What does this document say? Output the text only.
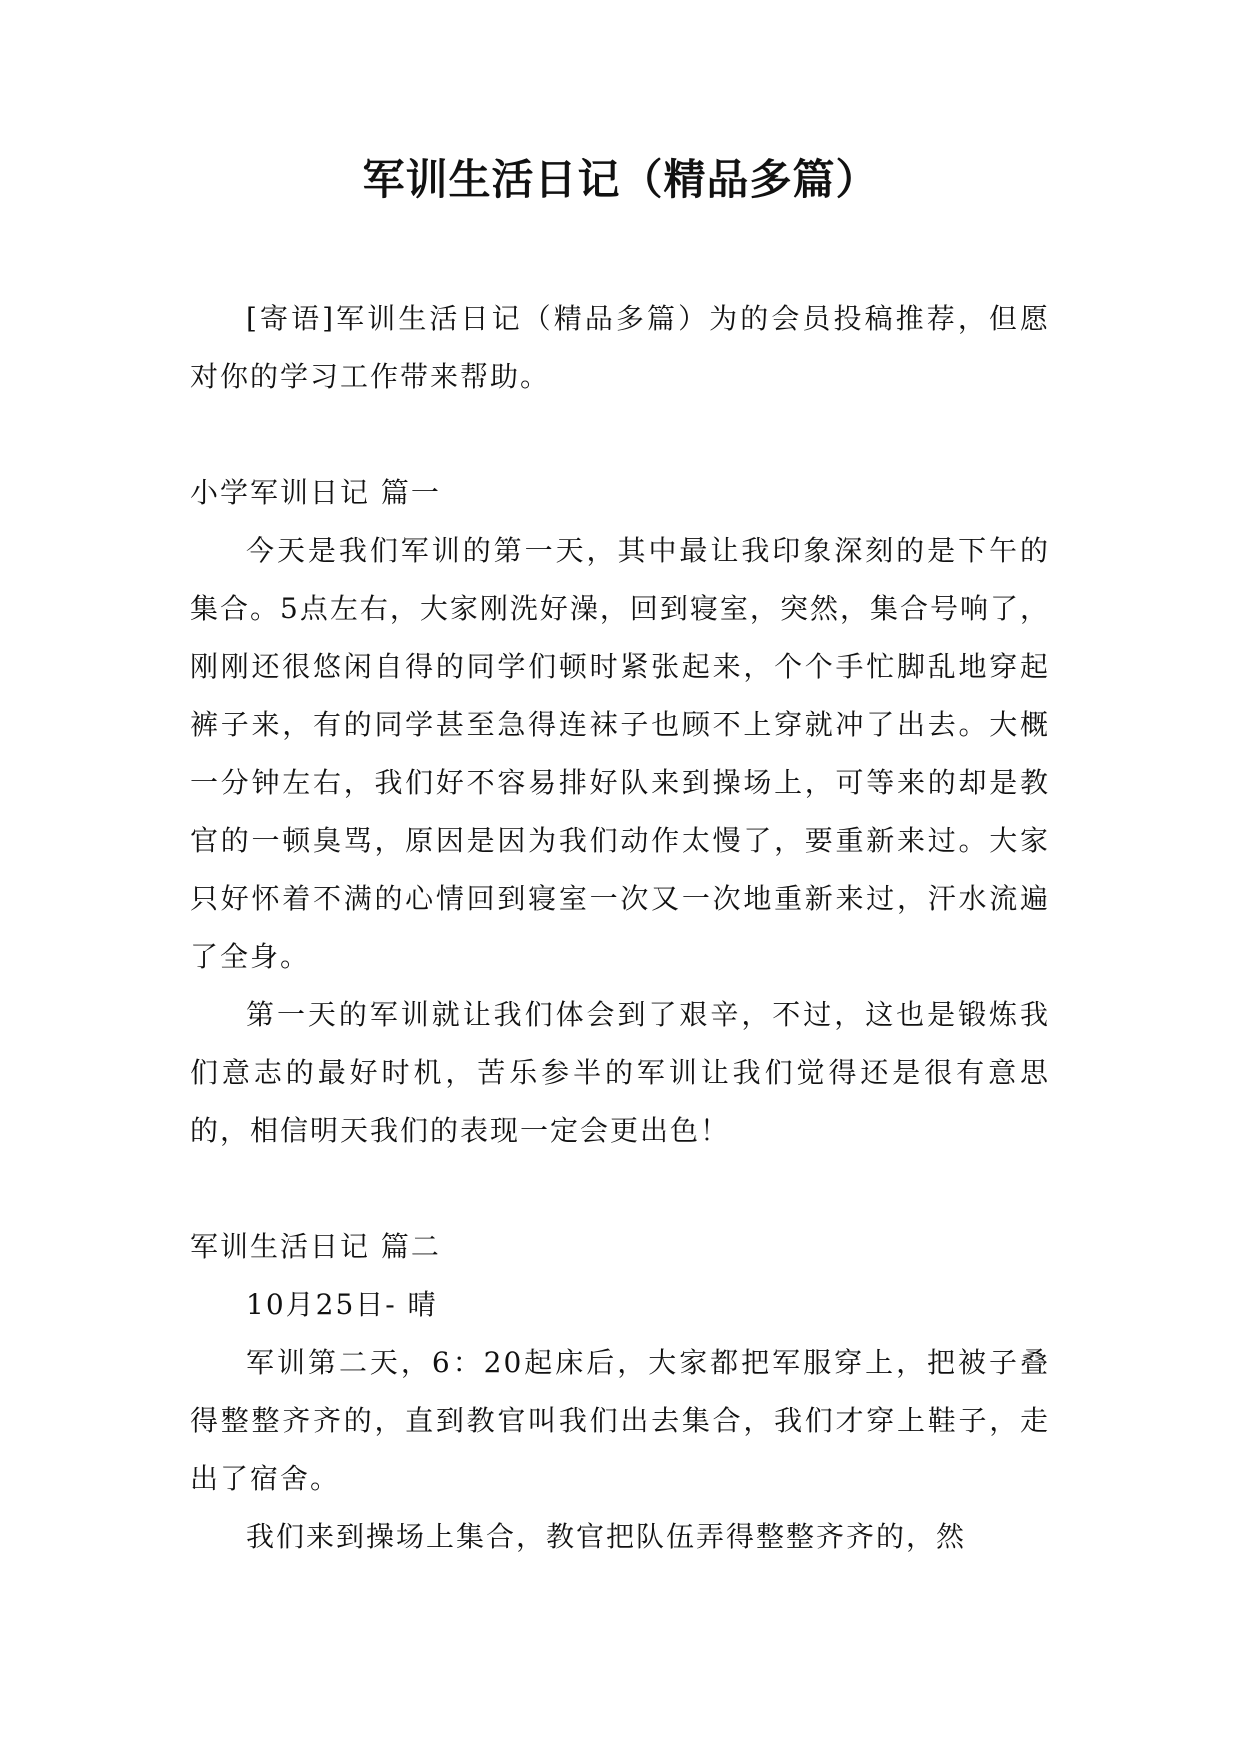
军训生活日记（精品多篇）

[寄语]军训生活日记（精品多篇）为的会员投稿推荐，但愿对你的学习工作带来帮助。

小学军训日记 篇一

今天是我们军训的第一天，其中最让我印象深刻的是下午的集合。5点左右，大家刚洗好澡，回到寝室，突然，集合号响了，刚刚还很悠闲自得的同学们顿时紧张起来，个个手忙脚乱地穿起裤子来，有的同学甚至急得连袜子也顾不上穿就冲了出去。大概一分钟左右，我们好不容易排好队来到操场上，可等来的却是教官的一顿臭骂，原因是因为我们动作太慢了，要重新来过。大家只好怀着不满的心情回到寝室一次又一次地重新来过，汗水流遍了全身。

第一天的军训就让我们体会到了艰辛，不过，这也是锻炼我们意志的最好时机，苦乐参半的军训让我们觉得还是很有意思的，相信明天我们的表现一定会更出色！

军训生活日记 篇二

10月25日- 晴

军训第二天，6：20起床后，大家都把军服穿上，把被子叠得整整齐齐的，直到教官叫我们出去集合，我们才穿上鞋子，走出了宿舍。

我们来到操场上集合，教官把队伍弄得整整齐齐的，然
